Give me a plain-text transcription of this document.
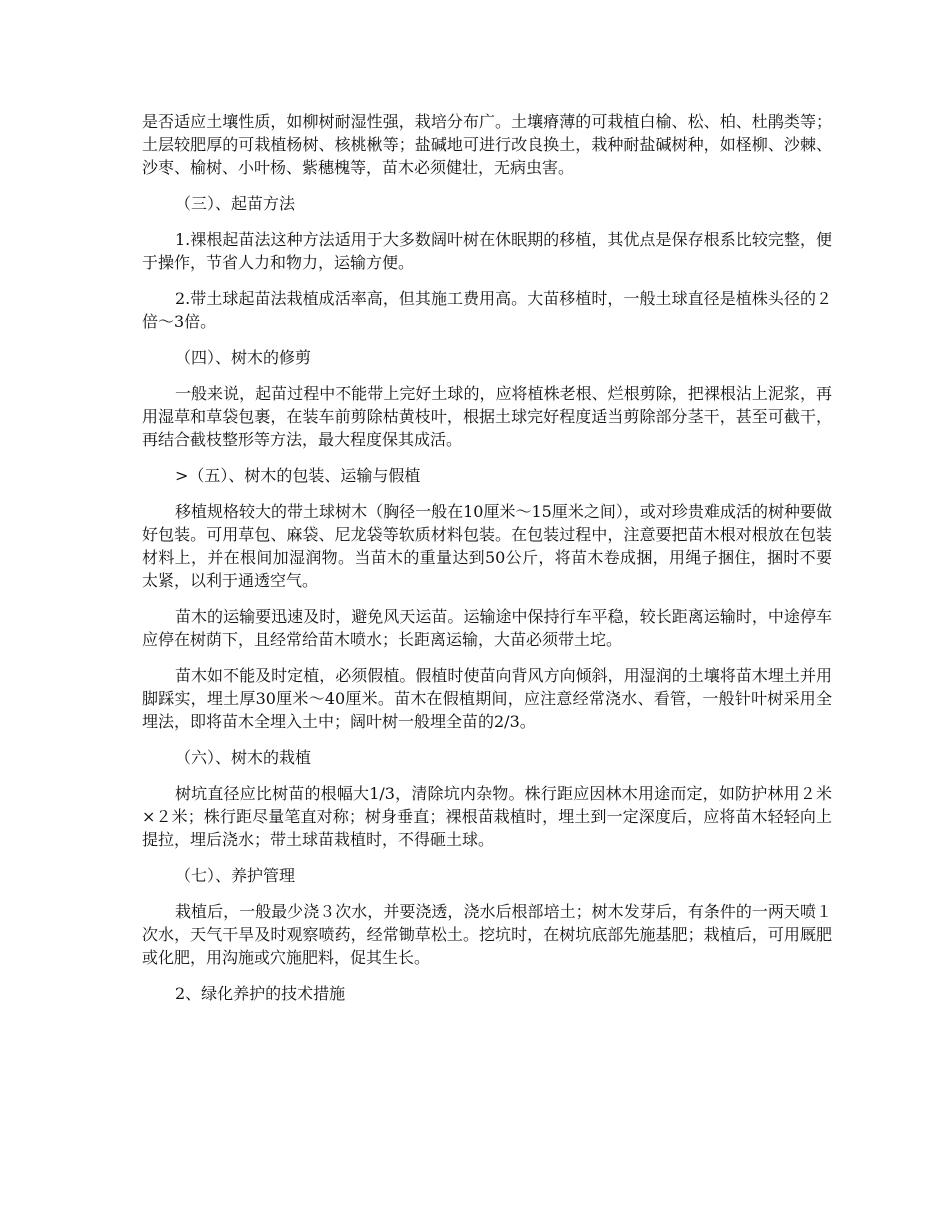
是否适应土壤性质，如柳树耐湿性强，栽培分布广。土壤瘠薄的可栽植白榆、松、柏、杜鹃类等；土层较肥厚的可栽植杨树、核桃楸等；盐碱地可进行改良换土，栽种耐盐碱树种，如柽柳、沙棘、沙枣、榆树、小叶杨、紫穗槐等，苗木必须健壮，无病虫害。

（三）、起苗方法

1.裸根起苗法这种方法适用于大多数阔叶树在休眠期的移植，其优点是保存根系比较完整，便于操作，节省人力和物力，运输方便。

2.带土球起苗法栽植成活率高，但其施工费用高。大苗移植时，一般土球直径是植株头径的２倍～3倍。

（四）、树木的修剪

一般来说，起苗过程中不能带上完好土球的，应将植株老根、烂根剪除，把裸根沾上泥浆，再用湿草和草袋包裹，在装车前剪除枯黄枝叶，根据土球完好程度适当剪除部分茎干，甚至可截干，再结合截枝整形等方法，最大程度保其成活。

>（五）、树木的包装、运输与假植

移植规格较大的带土球树木（胸径一般在10厘米～15厘米之间），或对珍贵难成活的树种要做好包装。可用草包、麻袋、尼龙袋等软质材料包装。在包装过程中，注意要把苗木根对根放在包装材料上，并在根间加湿润物。当苗木的重量达到50公斤，将苗木卷成捆，用绳子捆住，捆时不要太紧，以利于通透空气。

苗木的运输要迅速及时，避免风天运苗。运输途中保持行车平稳，较长距离运输时，中途停车应停在树荫下，且经常给苗木喷水；长距离运输，大苗必须带土坨。

苗木如不能及时定植，必须假植。假植时使苗向背风方向倾斜，用湿润的土壤将苗木埋土并用脚踩实，埋土厚30厘米～40厘米。苗木在假植期间，应注意经常浇水、看管，一般针叶树采用全埋法，即将苗木全埋入土中；阔叶树一般埋全苗的2/3。

（六）、树木的栽植

树坑直径应比树苗的根幅大1/3，清除坑内杂物。株行距应因林木用途而定，如防护林用２米×２米；株行距尽量笔直对称；树身垂直；裸根苗栽植时，埋土到一定深度后，应将苗木轻轻向上提拉，埋后浇水；带土球苗栽植时，不得砸土球。

（七）、养护管理

栽植后，一般最少浇３次水，并要浇透，浇水后根部培土；树木发芽后，有条件的一两天喷１次水，天气干旱及时观察喷药，经常锄草松土。挖坑时，在树坑底部先施基肥；栽植后，可用厩肥或化肥，用沟施或穴施肥料，促其生长。

2、绿化养护的技术措施
